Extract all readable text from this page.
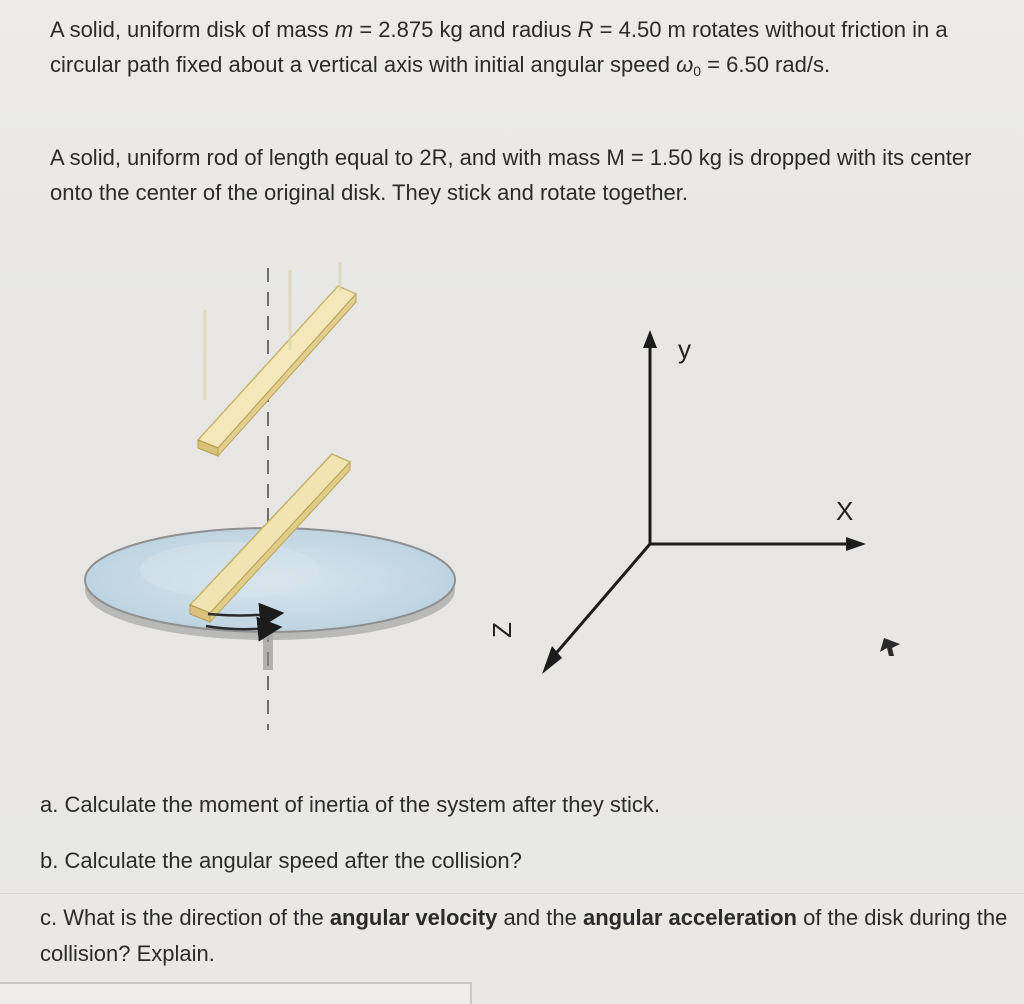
A solid, uniform disk of mass m = 2.875 kg and radius R = 4.50 m rotates without friction in a circular path fixed about a vertical axis with initial angular speed $\omega_0 = 6.50$ rad/s.
A solid, uniform rod of length equal to 2R, and with mass M = 1.50 kg is dropped with its center onto the center of the original disk. They stick and rotate together.
y
X
Z
a. Calculate the moment of inertia of the system after they stick.
b. Calculate the angular speed after the collision?
c. What is the direction of the angular velocity and the angular acceleration of the disk during the collision? Explain.
